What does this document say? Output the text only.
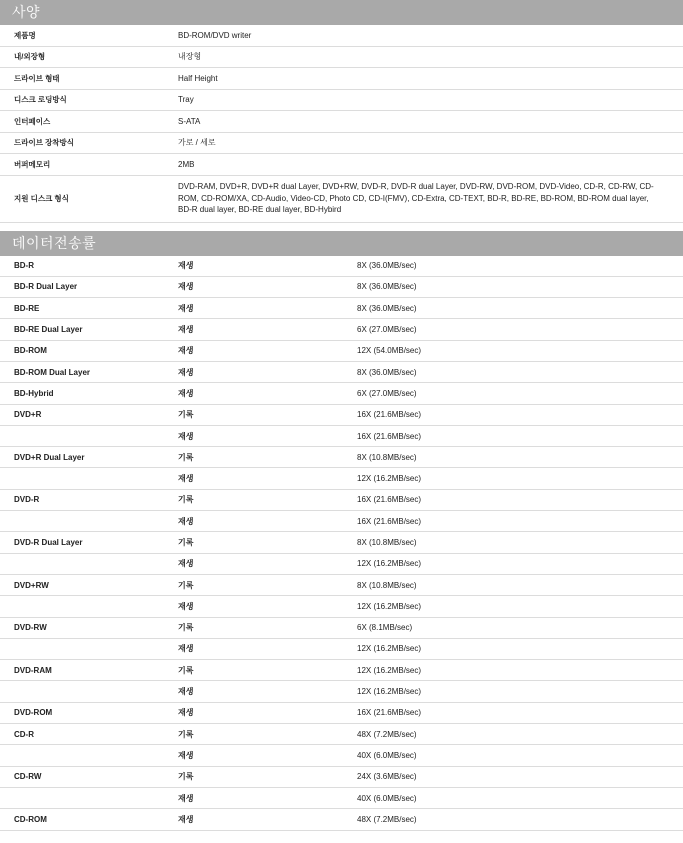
사양
제품명	BD-ROM/DVD writer
내/외장형	내장형
드라이브 형태	Half Height
디스크 로딩방식	Tray
인터페이스	S-ATA
드라이브 장착방식	가로 / 세로
버퍼메모리	2MB
지원 디스크 형식	DVD-RAM, DVD+R, DVD+R dual Layer, DVD+RW, DVD-R, DVD-R dual Layer, DVD-RW, DVD-ROM, DVD-Video, CD-R, CD-RW, CD-ROM, CD-ROM/XA, CD-Audio, Video-CD, Photo CD, CD-I(FMV), CD-Extra, CD-TEXT, BD-R, BD-RE, BD-ROM, BD-ROM dual layer, BD-R dual layer, BD-RE dual layer, BD-Hybird
데이터전송률
BD-R	재생	8X (36.0MB/sec)
BD-R Dual Layer	재생	8X (36.0MB/sec)
BD-RE	재생	8X (36.0MB/sec)
BD-RE Dual Layer	재생	6X (27.0MB/sec)
BD-ROM	재생	12X (54.0MB/sec)
BD-ROM Dual Layer	재생	8X (36.0MB/sec)
BD-Hybrid	재생	6X (27.0MB/sec)
DVD+R	기록	16X (21.6MB/sec)
	재생	16X (21.6MB/sec)
DVD+R Dual Layer	기록	8X (10.8MB/sec)
	재생	12X (16.2MB/sec)
DVD-R	기록	16X (21.6MB/sec)
	재생	16X (21.6MB/sec)
DVD-R Dual Layer	기록	8X (10.8MB/sec)
	재생	12X (16.2MB/sec)
DVD+RW	기록	8X (10.8MB/sec)
	재생	12X (16.2MB/sec)
DVD-RW	기록	6X (8.1MB/sec)
	재생	12X (16.2MB/sec)
DVD-RAM	기록	12X (16.2MB/sec)
	재생	12X (16.2MB/sec)
DVD-ROM	재생	16X (21.6MB/sec)
CD-R	기록	48X (7.2MB/sec)
	재생	40X (6.0MB/sec)
CD-RW	기록	24X (3.6MB/sec)
	재생	40X (6.0MB/sec)
CD-ROM	재생	48X (7.2MB/sec)
